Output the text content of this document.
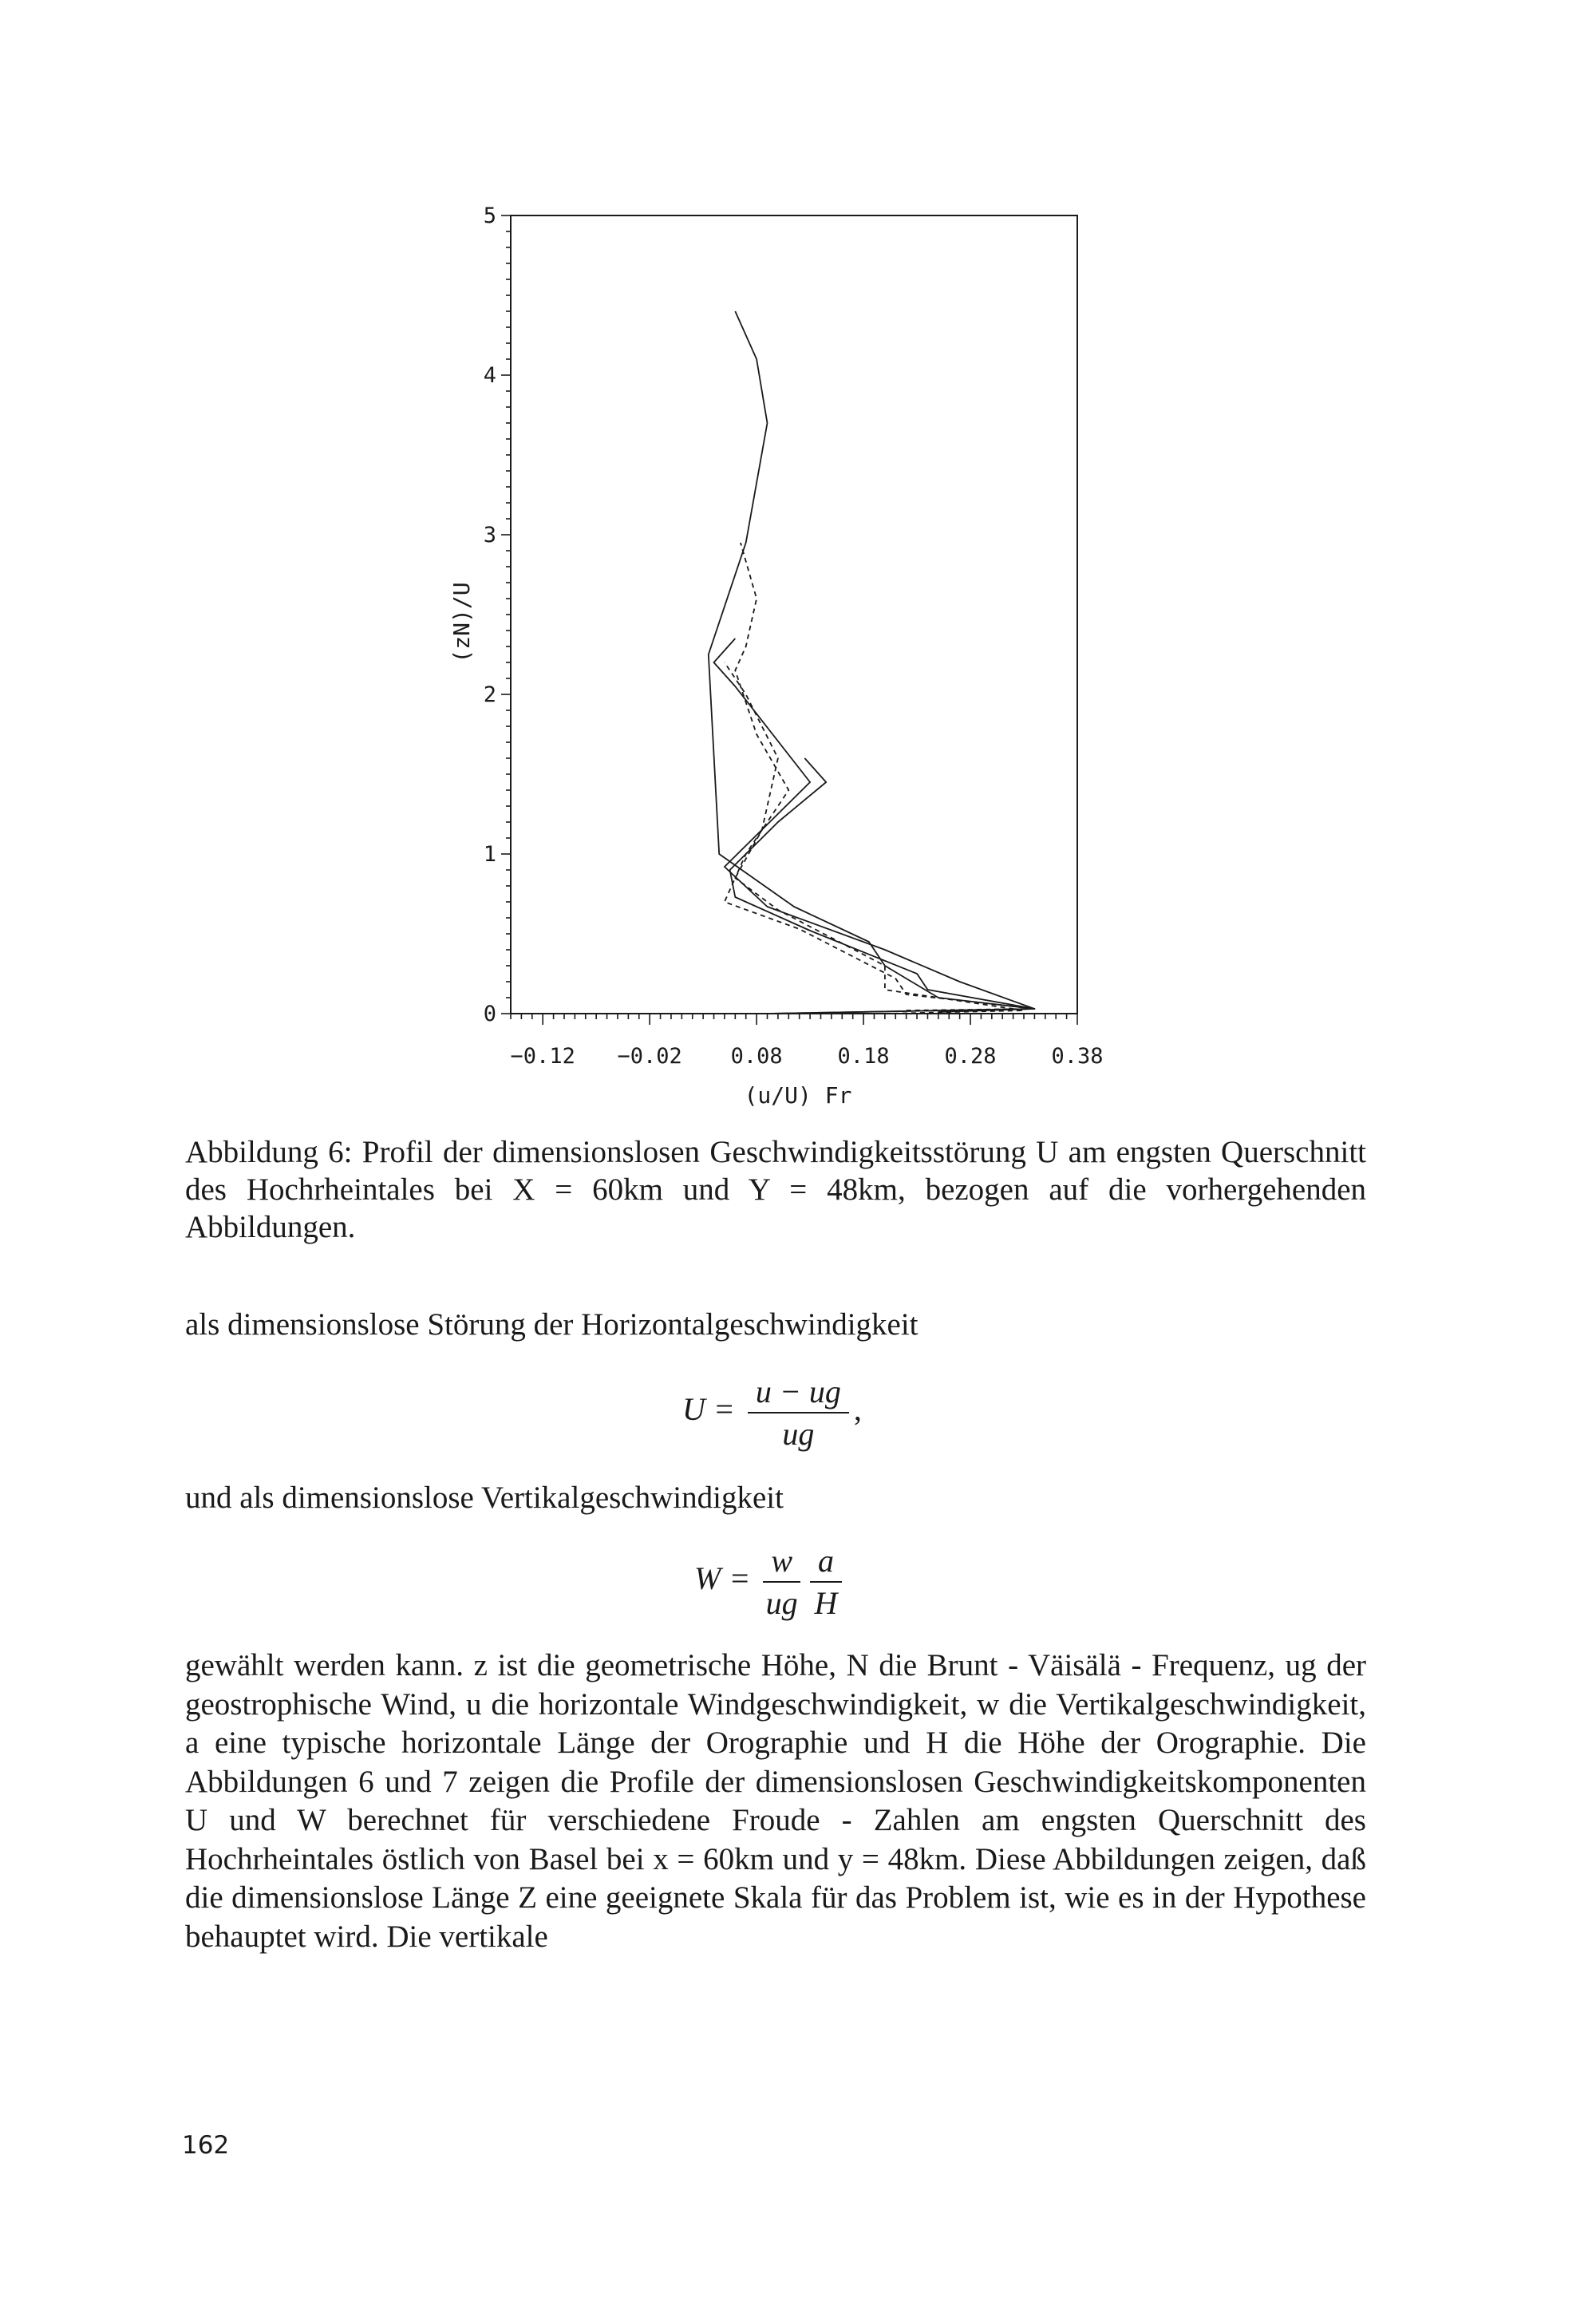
0
1
2
3
4
5
−0.12 −0.02 0.08	0.18	0.28	0.38
(zN)/U
(u/U) Fr
Abbildung 6: Profil der dimensionslosen Geschwindigkeitsstörung U am engsten Querschnitt des Hochrheintales bei X = 60km und Y = 48km, bezogen auf die vorhergehenden Abbildungen.
als dimensionslose Störung der Horizontalgeschwindigkeit
$U = \frac{u - ug}{ug}$ ,
und als dimensionslose Vertikalgeschwindigkeit
$W = \frac{w}{ug} \frac{a}{H}$
gewählt werden kann. z ist die geometrische Höhe, N die Brunt - Väisälä - Frequenz, ug der geostrophische Wind, u die horizontale Windgeschwindigkeit, w die Vertikalgeschwindigkeit, a eine typische horizontale Länge der Orographie und H die Höhe der Orographie. Die Abbildungen 6 und 7 zeigen die Profile der dimensionslosen Geschwindigkeitskomponenten U und W berechnet für verschiedene Froude - Zahlen am engsten Querschnitt des Hochrheintales östlich von Basel bei x = 60km und y = 48km. Diese Abbildungen zeigen, daß die dimensionslose Länge Z eine geeignete Skala für das Problem ist, wie es in der Hypothese behauptet wird. Die vertikale
162
